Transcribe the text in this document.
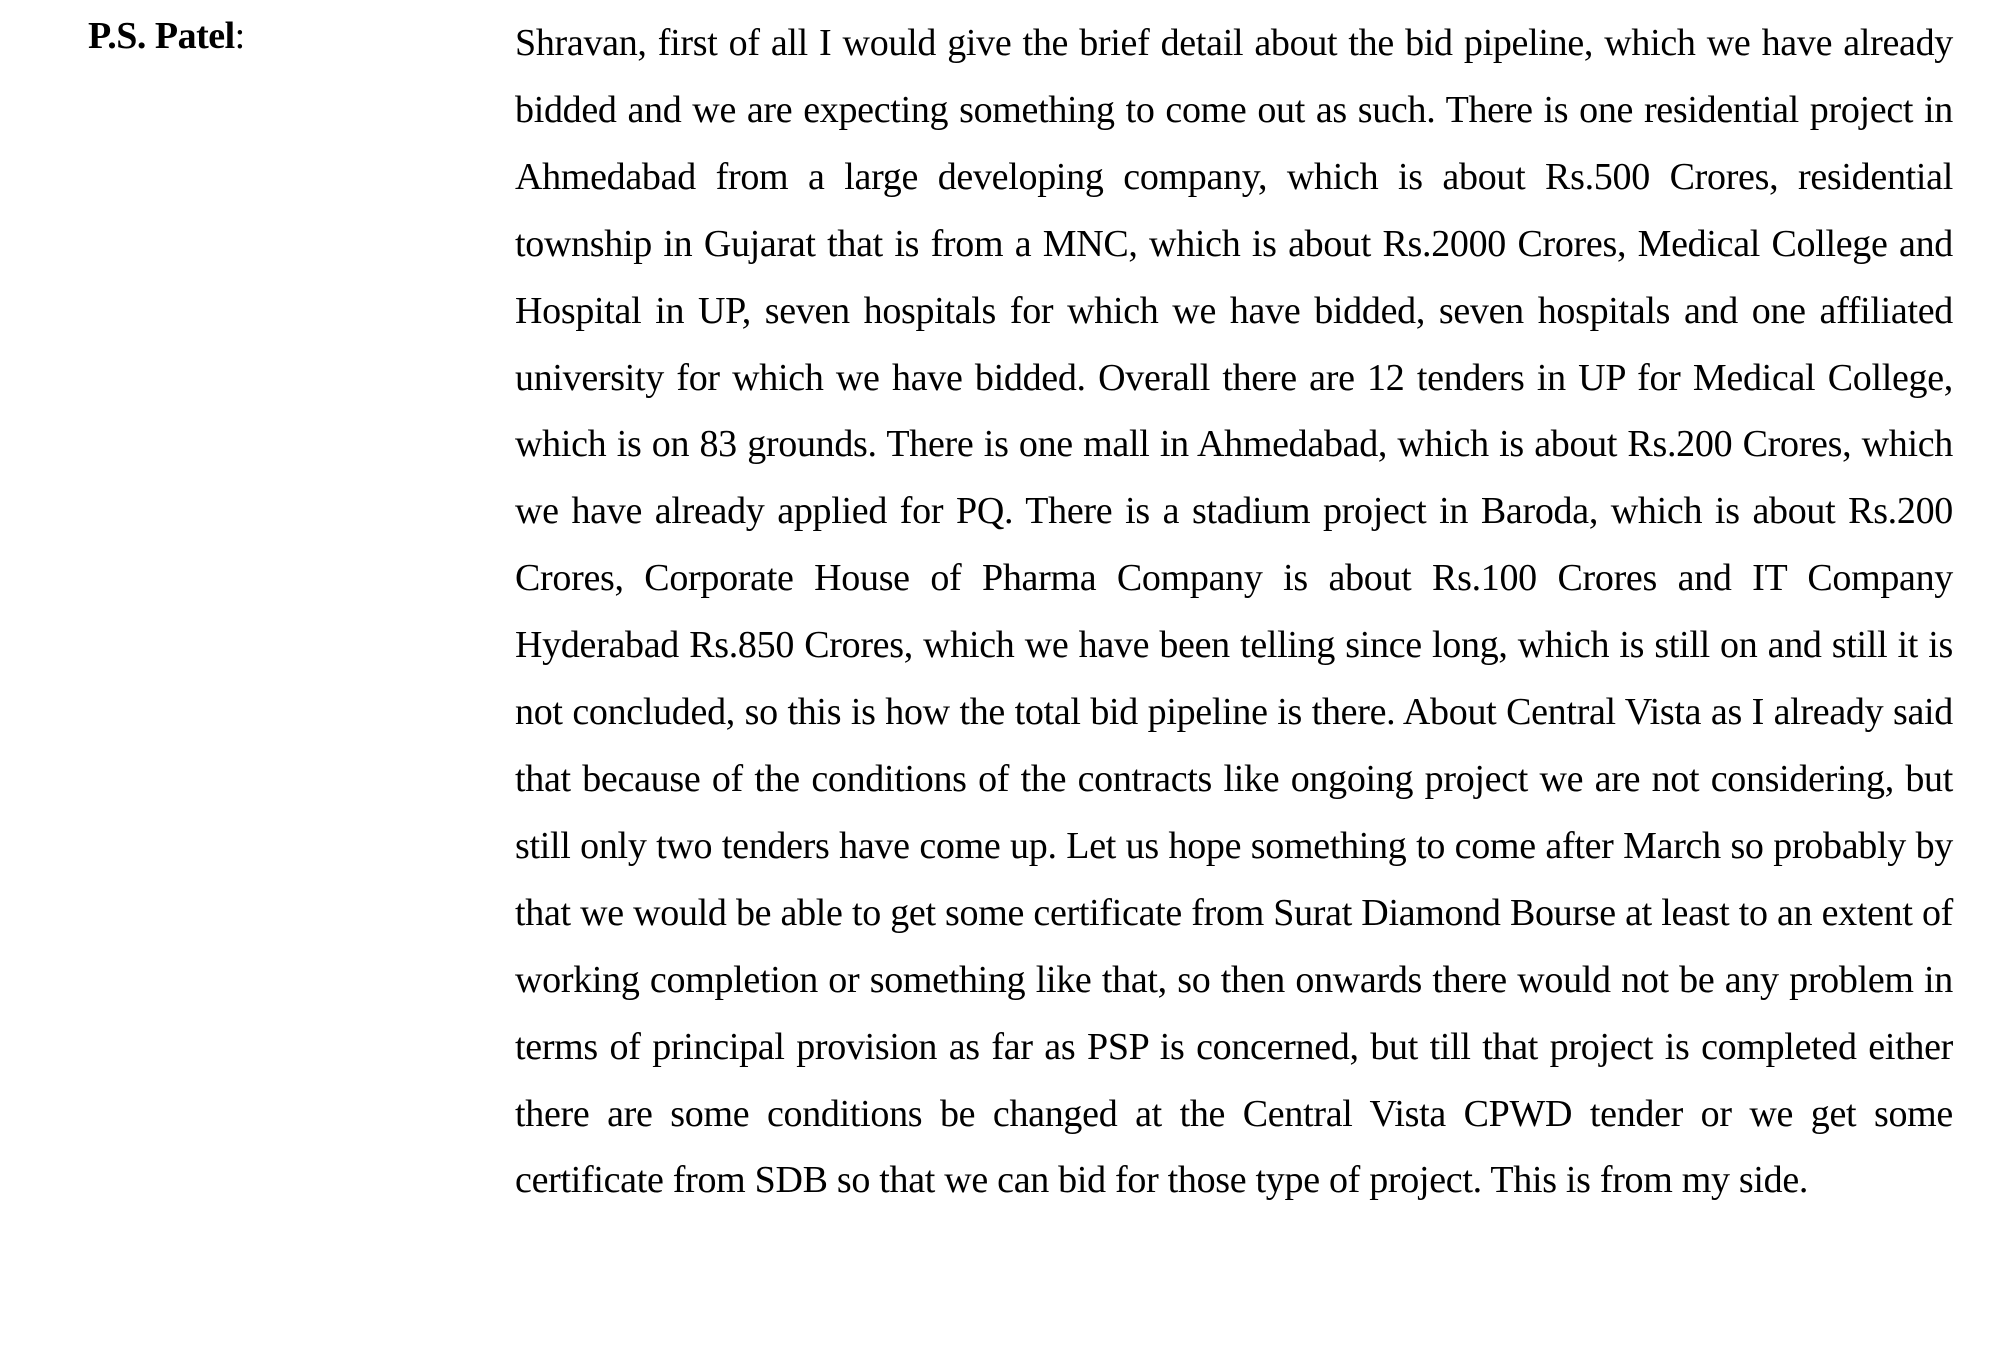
P.S. Patel:	Shravan, first of all I would give the brief detail about the bid pipeline, which we have already bidded and we are expecting something to come out as such. There is one residential project in Ahmedabad from a large developing company, which is about Rs.500 Crores, residential township in Gujarat that is from a MNC, which is about Rs.2000 Crores, Medical College and Hospital in UP, seven hospitals for which we have bidded, seven hospitals and one affiliated university for which we have bidded. Overall there are 12 tenders in UP for Medical College, which is on 83 grounds. There is one mall in Ahmedabad, which is about Rs.200 Crores, which we have already applied for PQ. There is a stadium project in Baroda, which is about Rs.200 Crores, Corporate House of Pharma Company is about Rs.100 Crores and IT Company Hyderabad Rs.850 Crores, which we have been telling since long, which is still on and still it is not concluded, so this is how the total bid pipeline is there. About Central Vista as I already said that because of the conditions of the contracts like ongoing project we are not considering, but still only two tenders have come up. Let us hope something to come after March so probably by that we would be able to get some certificate from Surat Diamond Bourse at least to an extent of working completion or something like that, so then onwards there would not be any problem in terms of principal provision as far as PSP is concerned, but till that project is completed either there are some conditions be changed at the Central Vista CPWD tender or we get some certificate from SDB so that we can bid for those type of project. This is from my side.
